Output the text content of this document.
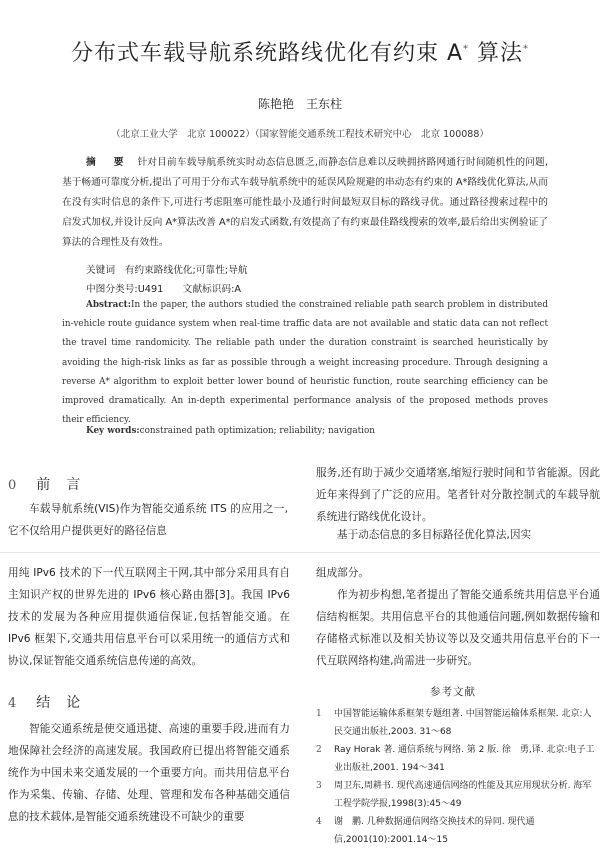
分布式车载导航系统路线优化有约束 A* 算法*
陈艳艳　王东柱
（北京工业大学　北京 100022）（国家智能交通系统工程技术研究中心　北京 100088）
摘　要　 针对目前车载导航系统实时动态信息匮乏,而静态信息难以反映拥挤路网通行时间随机性的问题,基于畅通可靠度分析,提出了可用于分布式车载导航系统中的延误风险规避的串动态有约束的 A*路线优化算法,从而在没有实时信息的条件下,可进行考虑阻塞可能性最小及通行时间最短双目标的路线寻优。通过路径搜索过程中的启发式加权,并设计反向 A*算法改善 A*的启发式函数,有效提高了有约束最佳路线搜索的效率,最后给出实例验证了算法的合理性及有效性。
关键词　 有约束路线优化;可靠性;导航
中图分类号:U491　　 文献标识码:A
Abstract:In the paper, the authors studied the constrained reliable path search problem in distributed in-vehicle route guidance system when real-time traffic data are not available and static data can not reflect the travel time randomicity. The reliable path under the duration constraint is searched heuristically by avoiding the high-risk links as far as possible through a weight increasing procedure. Through designing a reverse A* algorithm to exploit better lower bound of heuristic function, route searching efficiency can be improved dramatically. An in-depth experimental performance analysis of the proposed methods proves their efficiency.
Key words:constrained path optimization; reliability; navigation
0 前言
车载导航系统(VIS)作为智能交通系统 ITS 的应用之一,它不仅给用户提供更好的路径信息
服务,还有助于减少交通堵塞,缩短行驶时间和节省能源。因此近年来得到了广泛的应用。笔者针对分散控制式的车载导航系统进行路线优化设计。
基于动态信息的多目标路径优化算法,因实
用纯 IPv6 技术的下一代互联网主干网,其中部分采用具有自主知识产权的世界先进的 IPv6 核心路由器[3]。我国 IPv6 技术的发展为各种应用提供通信保证,包括智能交通。在 IPv6 框架下,交通共用信息平台可以采用统一的通信方式和协议,保证智能交通系统信息传递的高效。
4 结论
智能交通系统是使交通迅捷、高速的重要手段,进而有力地保障社会经济的高速发展。我国政府已提出将智能交通系统作为中国未来交通发展的一个重要方向。而共用信息平台作为采集、传输、存储、处理、管理和发布各种基础交通信息的技术载体,是智能交通系统建设不可缺少的重要
组成部分。
作为初步构想,笔者提出了智能交通系统共用信息平台通信结构框架。共用信息平台的其他通信问题,例如数据传输和存储格式标准以及相关协议等以及交通共用信息平台的下一代互联网络构建,尚需进一步研究。
参考文献
1 中国智能运输体系框架专题组著. 中国智能运输体系框架. 北京:人民交通出版社,2003. 31～68
2 Ray Horak 著. 通信系统与网络. 第 2 版. 徐　勇,译. 北京:电子工业出版社,2001. 194～341
3 周卫东,周耕书. 现代高速通信网络的性能及其应用现状分析. 海军工程学院学报,1998(3):45～49
4 谢　鹏. 几种数据通信网络交换技术的异同. 现代通信,2001(10):2001.14～15
